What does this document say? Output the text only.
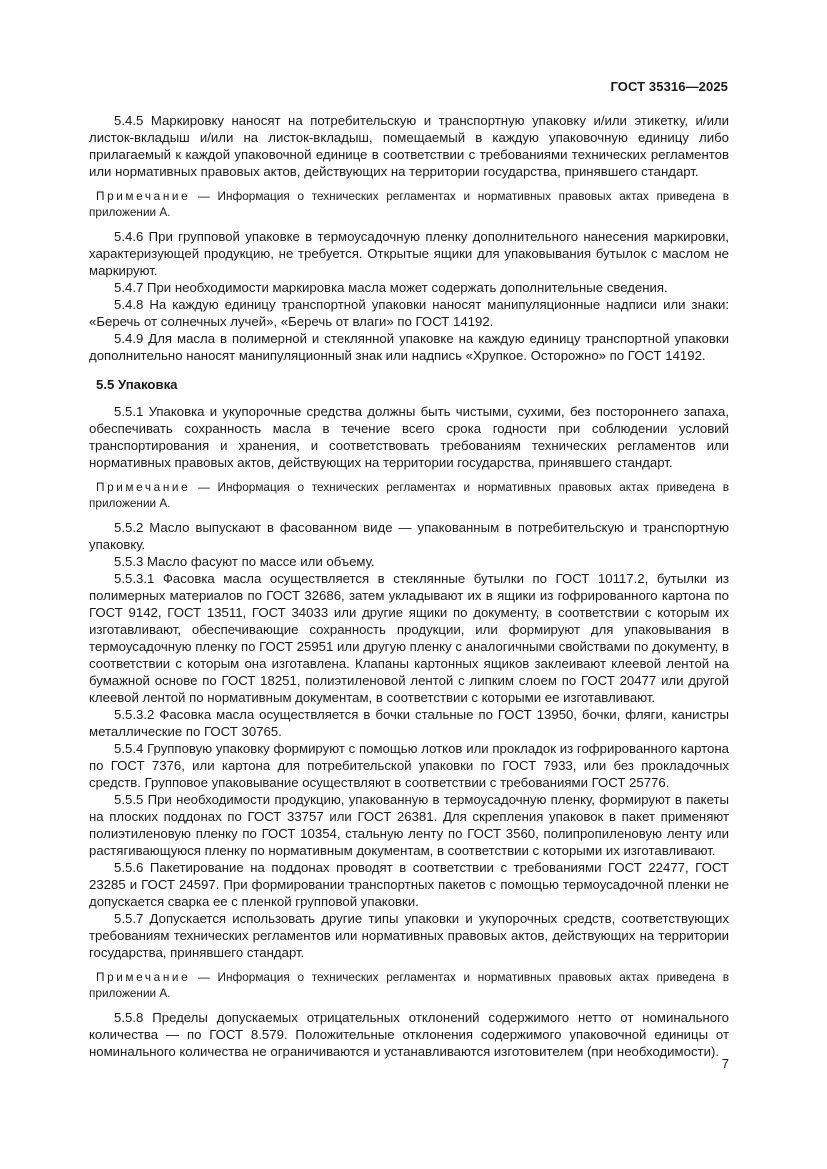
ГОСТ 35316—2025

5.4.5 Маркировку наносят на потребительскую и транспортную упаковку и/или этикетку, и/или листок-вкладыш и/или на листок-вкладыш, помещаемый в каждую упаковочную единицу либо прилагаемый к каждой упаковочной единице в соответствии с требованиями технических регламентов или нормативных правовых актов, действующих на территории государства, принявшего стандарт.

Примечание — Информация о технических регламентах и нормативных правовых актах приведена в приложении А.

5.4.6 При групповой упаковке в термоусадочную пленку дополнительного нанесения маркировки, характеризующей продукцию, не требуется. Открытые ящики для упаковывания бутылок с маслом не маркируют.

5.4.7 При необходимости маркировка масла может содержать дополнительные сведения.

5.4.8 На каждую единицу транспортной упаковки наносят манипуляционные надписи или знаки: «Беречь от солнечных лучей», «Беречь от влаги» по ГОСТ 14192.

5.4.9 Для масла в полимерной и стеклянной упаковке на каждую единицу транспортной упаковки дополнительно наносят манипуляционный знак или надпись «Хрупкое. Осторожно» по ГОСТ 14192.

5.5 Упаковка

5.5.1 Упаковка и укупорочные средства должны быть чистыми, сухими, без постороннего запаха, обеспечивать сохранность масла в течение всего срока годности при соблюдении условий транспортирования и хранения, и соответствовать требованиям технических регламентов или нормативных правовых актов, действующих на территории государства, принявшего стандарт.

Примечание — Информация о технических регламентах и нормативных правовых актах приведена в приложении А.

5.5.2 Масло выпускают в фасованном виде — упакованным в потребительскую и транспортную упаковку.

5.5.3 Масло фасуют по массе или объему.

5.5.3.1 Фасовка масла осуществляется в стеклянные бутылки по ГОСТ 10117.2, бутылки из полимерных материалов по ГОСТ 32686, затем укладывают их в ящики из гофрированного картона по ГОСТ 9142, ГОСТ 13511, ГОСТ 34033 или другие ящики по документу, в соответствии с которым их изготавливают, обеспечивающие сохранность продукции, или формируют для упаковывания в термоусадочную пленку по ГОСТ 25951 или другую пленку с аналогичными свойствами по документу, в соответствии с которым она изготавлена. Клапаны картонных ящиков заклеивают клеевой лентой на бумажной основе по ГОСТ 18251, полиэтиленовой лентой с липким слоем по ГОСТ 20477 или другой клеевой лентой по нормативным документам, в соответствии с которыми ее изготавливают.

5.5.3.2 Фасовка масла осуществляется в бочки стальные по ГОСТ 13950, бочки, фляги, канистры металлические по ГОСТ 30765.

5.5.4 Групповую упаковку формируют с помощью лотков или прокладок из гофрированного картона по ГОСТ 7376, или картона для потребительской упаковки по ГОСТ 7933, или без прокладочных средств. Групповое упаковывание осуществляют в соответствии с требованиями ГОСТ 25776.

5.5.5 При необходимости продукцию, упакованную в термоусадочную пленку, формируют в пакеты на плоских поддонах по ГОСТ 33757 или ГОСТ 26381. Для скрепления упаковок в пакет применяют полиэтиленовую пленку по ГОСТ 10354, стальную ленту по ГОСТ 3560, полипропиленовую ленту или растягивающуюся пленку по нормативным документам, в соответствии с которыми их изготавливают.

5.5.6 Пакетирование на поддонах проводят в соответствии с требованиями ГОСТ 22477, ГОСТ 23285 и ГОСТ 24597. При формировании транспортных пакетов с помощью термоусадочной пленки не допускается сварка ее с пленкой групповой упаковки.

5.5.7 Допускается использовать другие типы упаковки и укупорочных средств, соответствующих требованиям технических регламентов или нормативных правовых актов, действующих на территории государства, принявшего стандарт.

Примечание — Информация о технических регламентах и нормативных правовых актах приведена в приложении А.

5.5.8 Пределы допускаемых отрицательных отклонений содержимого нетто от номинального количества — по ГОСТ 8.579. Положительные отклонения содержимого упаковочной единицы от номинального количества не ограничиваются и устанавливаются изготовителем (при необходимости).

7
